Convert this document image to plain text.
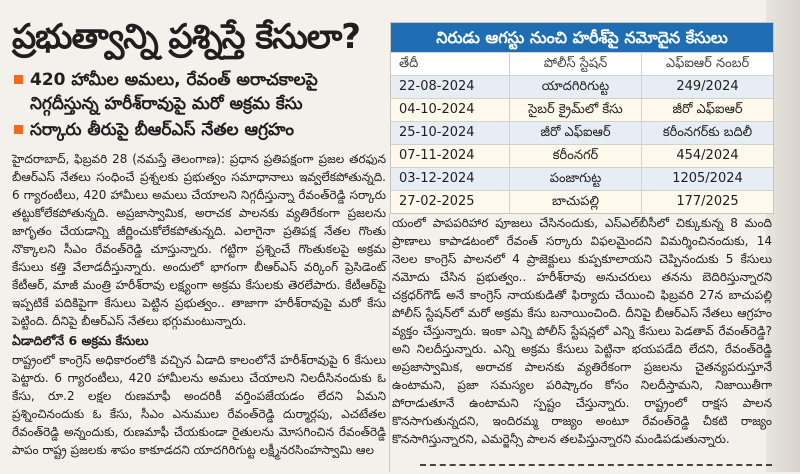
ప్రభుత్వాన్ని ప్రశ్నిస్తే కేసులా?
420 హామీల అమలు, రేవంత్ అరాచకాలపై నిగ్గదీస్తున్న హరీశ్‌రావుపై మరో అక్రమ కేసు
సర్కారు తీరుపై బీఆర్ఎస్ నేతల ఆగ్రహం
నిరుడు ఆగస్టు నుంచి హరీశ్‌పై నమోదైన కేసులు
తేదీ	పోలీస్ స్టేషన్	ఎఫ్ఐఆర్ నంబర్
22-08-2024	యాదగిరిగుట్ట	249/2024
04-10-2024	సైబర్ క్రైమ్‌లో కేసు	జీరో ఎఫ్ఐఆర్
25-10-2024	జీరో ఎఫ్ఐఆర్	కరీంనగర్‌కు బదిలీ
07-11-2024	కరీంనగర్	454/2024
03-12-2024	పంజాగుట్ట	1205/2024
27-02-2025	బాచుపల్లి	177/2025

హైదరాబాద్, ఫిబ్రవరి 28 (నమస్తే తెలంగాణ): ప్రధాన ప్రతిపక్షంగా ప్రజల తరఫున బీఆర్ఎస్ నేతలు సంధించే ప్రశ్నలకు ప్రభుత్వం సమాధానాలు ఇవ్వలేకపోతున్నది. 6 గ్యారంటీలు, 420 హామీలు అమలు చేయాలని నిగ్గదీస్తున్నా రేవంత్‌రెడ్డి సర్కారు తట్టుకోలేకపోతున్నది. అప్రజాస్వామిక, అరాచక పాలనకు వ్యతిరేకంగా ప్రజలను జాగృతం చేయడాన్ని జీర్ణించుకోలేకపోతున్నది. ఎలాగైనా ప్రతిపక్ష నేతల గొంతు నొక్కాలని సీఎం రేవంత్‌రెడ్డి చూస్తున్నారు. గట్టిగా ప్రశ్నించే గొంతుకలపై అక్రమ కేసులు కత్తి వేలాడదీస్తున్నారు. అందులో భాగంగా బీఆర్ఎస్ వర్కింగ్ ప్రెసిడెంట్ కేటీఆర్, మాజీ మంత్రి హరీశ్‌రావు లక్ష్యంగా అక్రమ కేసులకు తెరలేపారు. కేటీఆర్‌పై ఇప్పటికే పదికిపైగా కేసులు పెట్టిన ప్రభుత్వం.. తాజాగా హరీశ్‌రావుపై మరో కేసు పెట్టింది. దీనిపై బీఆర్ఎస్ నేతలు భగ్గుమంటున్నారు.

ఏడాదిలోనే 6 అక్రమ కేసులు

రాష్ట్రంలో కాంగ్రెస్ అధికారంలోకి వచ్చిన ఏడాది కాలంలోనే హరీశ్‌రావుపై 6 కేసులు పెట్టారు. 6 గ్యారంటీలు, 420 హామీలను అమలు చేయాలని నిలదీసినందుకు ఓ కేసు, రూ.2 లక్షల రుణమాఫీ అందరికీ వర్తింపజేయడం లేదని ఏమని ప్రశ్నించినందుకు ఓ కేసు, సీఎం ఎనుముల రేవంత్‌రెడ్డి దుర్మార్గపు, ఎచటేతల రేవంత్‌రెడ్డి అన్నందుకు, రుణమాఫీ చేయకుండా రైతులను మోసగించిన రేవంత్‌రెడ్డి పాపం రాష్ట్ర ప్రజలకు శాపం కాకూడదని యాదగిరిగుట్ట లక్ష్మీనరసింహస్వామి ఆల

యంలో పాపపరిహార పూజలు చేసినందుకు, ఎస్ఎల్‌బీసీలో చిక్కుకున్న 8 మంది ప్రాణాలు కాపాడటంలో రేవంత్ సర్కారు విఫలమైందని విమర్శించినందుకు, 14 నెలల కాంగ్రెస్ పాలనలో 4 ప్రాజెక్టులు కుప్పకూలాయని చెప్పినందుకు 5 కేసులు నమోదు చేసిన ప్రభుత్వం.. హరీశ్‌రావు అనుచరులు తనను బెదిరిస్తున్నారని చక్రధర్‌గౌడ్ అనే కాంగ్రెస్ నాయకుడితో ఫిర్యాదు చేయించి ఫిబ్రవరి 27న బాచుపల్లి పోలీస్ స్టేషన్‌లో మరో అక్రమ కేసు బనాయించింది. దీనిపై బీఆర్ఎస్ నేతలు ఆగ్రహం వ్యక్తం చేస్తున్నారు. ఇంకా ఎన్ని పోలీస్ స్టేషన్లలో ఎన్ని కేసులు పెడతావ్ రేవంత్‌రెడ్డి? అని నిలదీస్తున్నారు. ఎన్ని అక్రమ కేసులు పెట్టినా భయపడేది లేదని, రేవంత్‌రెడ్డి అప్రజాస్వామిక, అరాచక పాలనకు వ్యతిరేకంగా ప్రజలను చైతన్యపరుస్తూనే ఉంటామని, ప్రజా సమస్యల పరిష్కారం కోసం నిలదీస్తామని, నిజాయితీగా పోరాడుతూనే ఉంటామని స్పష్టం చేస్తున్నారు. రాష్ట్రంలో రాక్షస పాలన కొనసాగుతున్నదని, ఇందిరమ్మ రాజ్యం అంటూ రేవంత్‌రెడ్డి చీకటి రాజ్యం కొనసాగిస్తున్నారని, ఎమర్జెన్సీ పాలన తలపిస్తున్నారని మండిపడుతున్నారు.
